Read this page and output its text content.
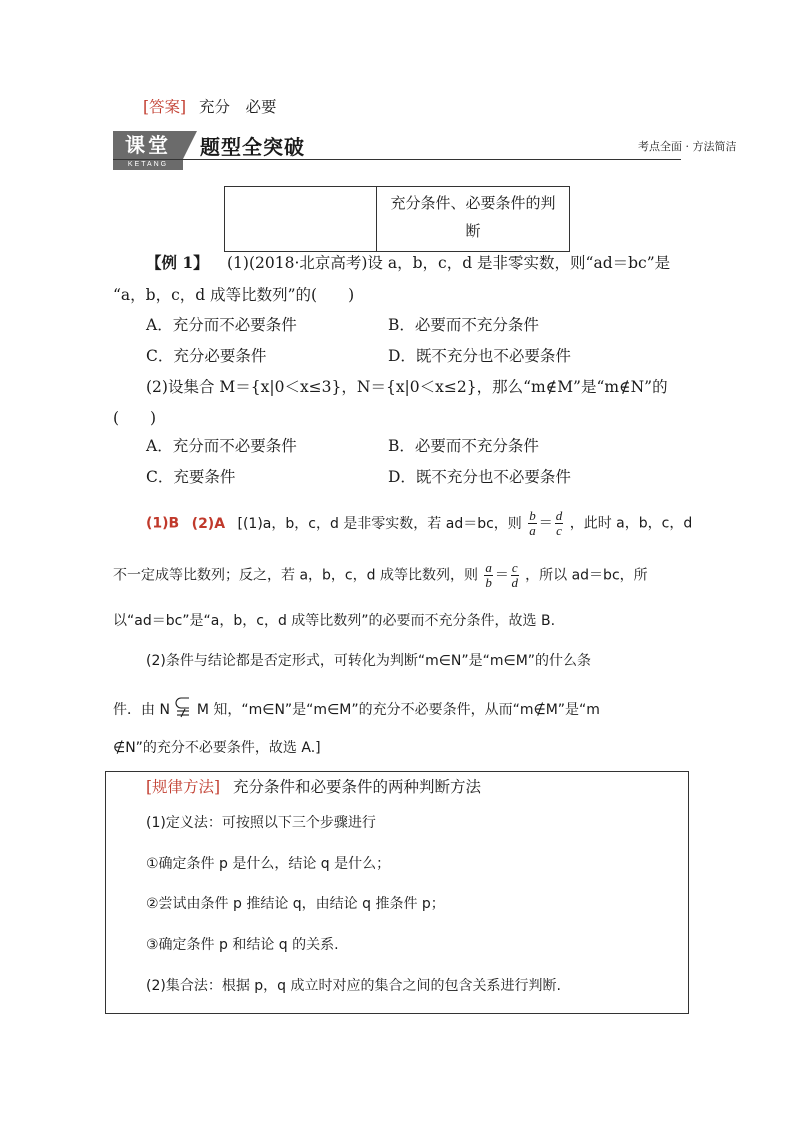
[答案] 充分　必要
课堂
KETANG
题型全突破	考点全面 · 方法简洁
充分条件、必要条件的判
断
【例 1】 (1)(2018·北京高考)设 a，b，c，d 是非零实数，则“ad＝bc”是
“a，b，c，d 成等比数列”的(　　)
A．充分而不必要条件	B．必要而不充分条件
C．充分必要条件	D．既不充分也不必要条件
(2)设集合 M＝{x|0＜x≤3}，N＝{x|0＜x≤2}，那么“m∉M”是“m∉N”的
(　　)
A．充分而不必要条件	B．必要而不充分条件
C．充要条件	D．既不充分也不必要条件
(1)B (2)A [(1)a，b，c，d 是非零实数，若 ad＝bc，则 $\frac{b}{a} = \frac{d}{c}$ ，此时 a，b，c，d
不一定成等比数列；反之，若 a，b，c，d 成等比数列，则 $\frac{a}{b} = \frac{c}{d}$ ，所以 ad＝bc，所
以“ad＝bc”是“a，b，c，d 成等比数列”的必要而不充分条件，故选 B.
(2)条件与结论都是否定形式，可转化为判断“m∈N”是“m∈M”的什么条
件．由 N M 知，“m∈N”是“m∈M”的充分不必要条件，从而“m∉M”是“m
∉N”的充分不必要条件，故选 A.]
[规律方法] 充分条件和必要条件的两种判断方法
(1)定义法：可按照以下三个步骤进行
①确定条件 p 是什么，结论 q 是什么；
②尝试由条件 p 推结论 q，由结论 q 推条件 p；
③确定条件 p 和结论 q 的关系.
(2)集合法：根据 p，q 成立时对应的集合之间的包含关系进行判断.
